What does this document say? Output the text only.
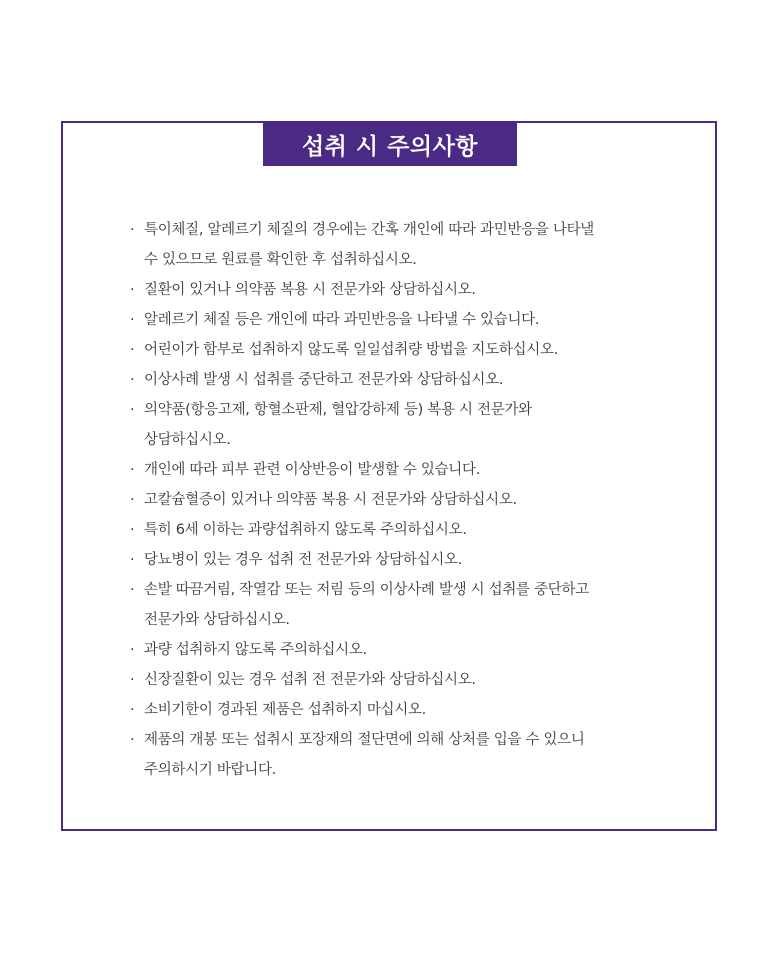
섭취 시 주의사항
· 특이체질, 알레르기 체질의 경우에는 간혹 개인에 따라 과민반응을 나타낼
수 있으므로 원료를 확인한 후 섭취하십시오.
· 질환이 있거나 의약품 복용 시 전문가와 상담하십시오.
· 알레르기 체질 등은 개인에 따라 과민반응을 나타낼 수 있습니다.
· 어린이가 함부로 섭취하지 않도록 일일섭취량 방법을 지도하십시오.
· 이상사례 발생 시 섭취를 중단하고 전문가와 상담하십시오.
· 의약품(항응고제, 항혈소판제, 혈압강하제 등) 복용 시 전문가와
상담하십시오.
· 개인에 따라 피부 관련 이상반응이 발생할 수 있습니다.
· 고칼슘혈증이 있거나 의약품 복용 시 전문가와 상담하십시오.
· 특히 6세 이하는 과량섭취하지 않도록 주의하십시오.
· 당뇨병이 있는 경우 섭취 전 전문가와 상담하십시오.
· 손발 따끔거림, 작열감 또는 저림 등의 이상사례 발생 시 섭취를 중단하고
전문가와 상담하십시오.
· 과량 섭취하지 않도록 주의하십시오.
· 신장질환이 있는 경우 섭취 전 전문가와 상담하십시오.
· 소비기한이 경과된 제품은 섭취하지 마십시오.
· 제품의 개봉 또는 섭취시 포장재의 절단면에 의해 상처를 입을 수 있으니
주의하시기 바랍니다.
